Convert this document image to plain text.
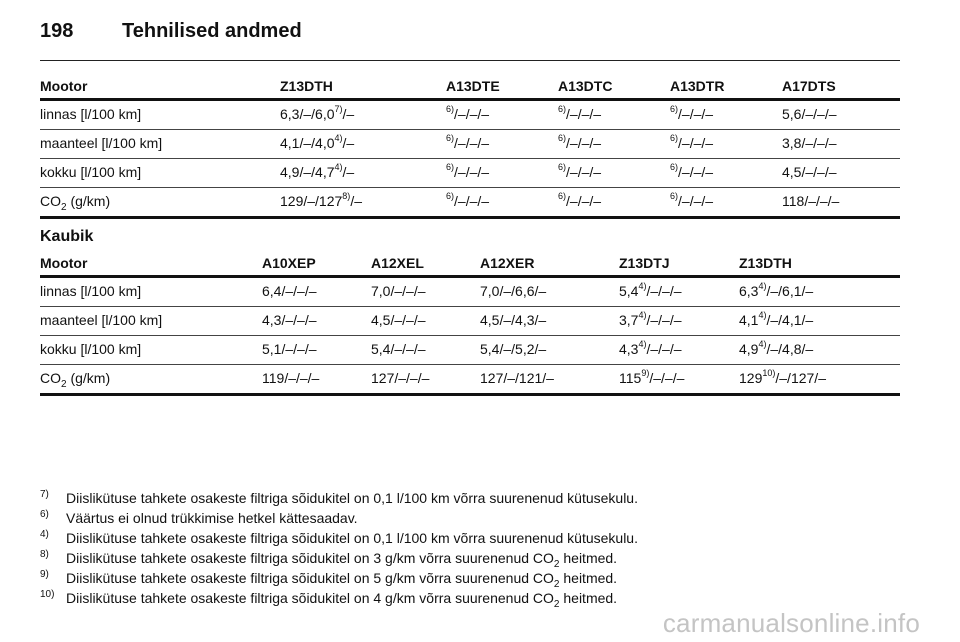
198 Tehnilised andmed
Mootor	Z13DTH	A13DTE	A13DTC	A13DTR	A17DTS
linnas [l/100 km]	6,3/–/6,0$^{7)}$/–	$^{6)}$/–/–/–	$^{6)}$/–/–/–	$^{6)}$/–/–/–	5,6/–/–/–
maanteel [l/100 km]	4,1/–/4,0$^{4)}$/–	$^{6)}$/–/–/–	$^{6)}$/–/–/–	$^{6)}$/–/–/–	3,8/–/–/–
kokku [l/100 km]	4,9/–/4,7$^{4)}$/–	$^{6)}$/–/–/–	$^{6)}$/–/–/–	$^{6)}$/–/–/–	4,5/–/–/–
$CO_2$ (g/km)	129/–/127$^{8)}$/–	$^{6)}$/–/–/–	$^{6)}$/–/–/–	$^{6)}$/–/–/–	118/–/–/–
Kaubik
Mootor	A10XEP	A12XEL	A12XER	Z13DTJ	Z13DTH
linnas [l/100 km]	6,4/–/–/–	7,0/–/–/–	7,0/–/6,6/–	5,4$^{4)}$/–/–/–	6,3$^{4)}$/–/6,1/–
maanteel [l/100 km]	4,3/–/–/–	4,5/–/–/–	4,5/–/4,3/–	3,7$^{4)}$/–/–/–	4,1$^{4)}$/–/4,1/–
kokku [l/100 km]	5,1/–/–/–	5,4/–/–/–	5,4/–/5,2/–	4,3$^{4)}$/–/–/–	4,9$^{4)}$/–/4,8/–
$CO_2$ (g/km)	119/–/–/–	127/–/–/–	127/–/121/–	115$^{9)}$/–/–/–	129$^{10)}$/–/127/–
7)	Diislikütuse tahkete osakeste filtriga sõidukitel on 0,1 l/100 km võrra suurenenud kütusekulu.
6)	Väärtus ei olnud trükkimise hetkel kättesaadav.
4)	Diislikütuse tahkete osakeste filtriga sõidukitel on 0,1 l/100 km võrra suurenenud kütusekulu.
8)	Diislikütuse tahkete osakeste filtriga sõidukitel on 3 g/km võrra suurenenud $CO_2$ heitmed.
9)	Diislikütuse tahkete osakeste filtriga sõidukitel on 5 g/km võrra suurenenud $CO_2$ heitmed.
10) Diislikütuse tahkete osakeste filtriga sõidukitel on 4 g/km võrra suurenenud $CO_2$ heitmed.
carmanualsonline.info
